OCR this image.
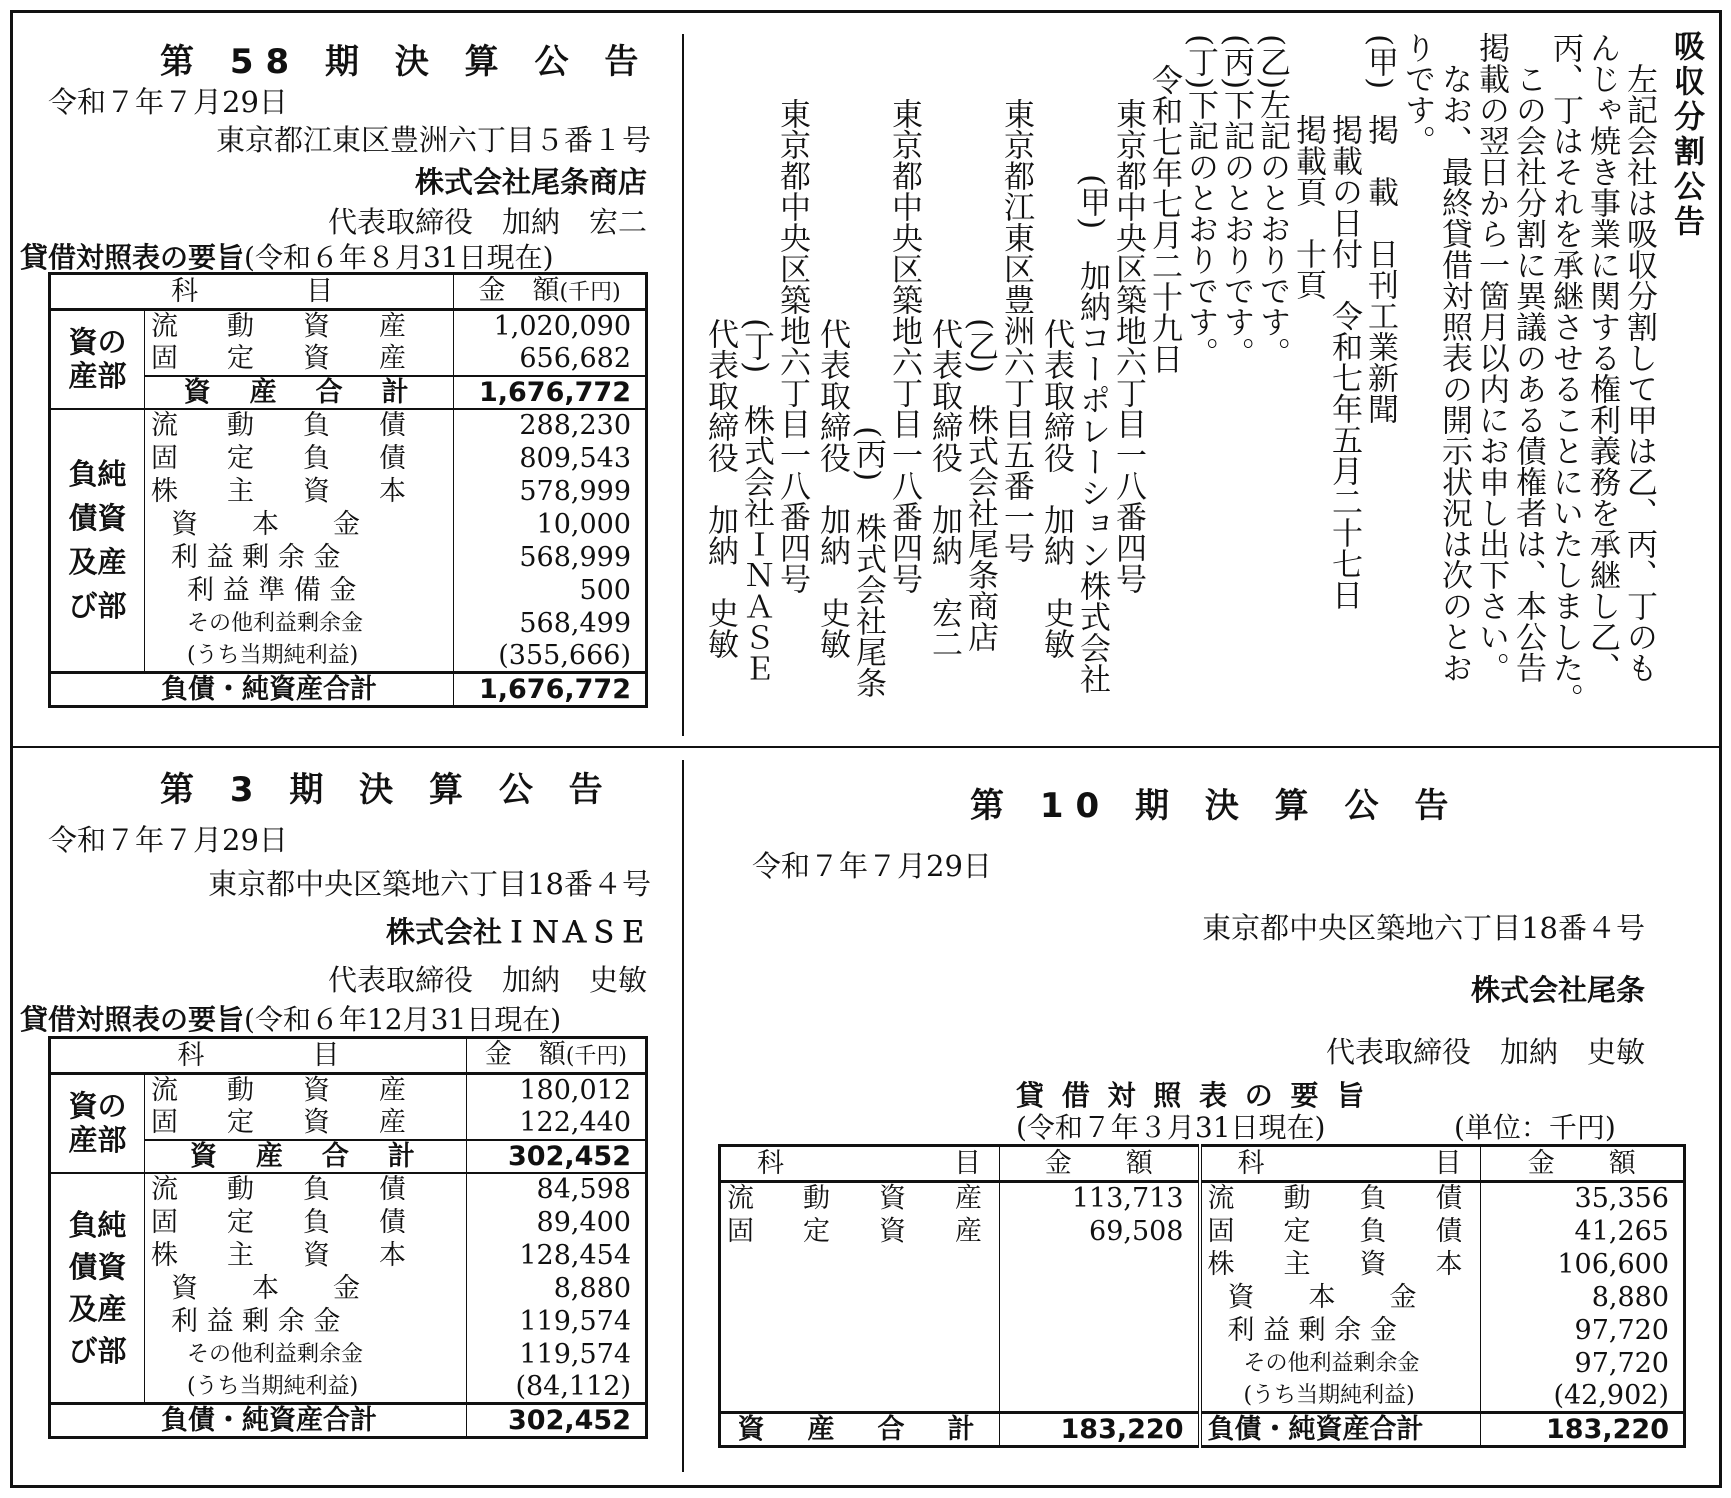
第 58 期 決 算 公 告
令和７年７月29日
東京都江東区豊洲六丁目５番１号
株式会社尾条商店
代表取締役　加納　宏二
貸借対照表の要旨(令和６年８月31日現在)
科　　　　目		金　額(千円)
資の
産部	流　動　資　産	1,020,090
	固　定　資　産	656,682
	資　産　合　計	1,676,772
負純
債資
及産
び部	流　動　負　債	288,230
	固　定　負　債	809,543
	株　主　資　本	578,999
	資　　本　　金	10,000
	利 益 剰 余 金	568,999
	利 益 準 備 金	500
	その他利益剰余金	568,499
	(うち当期純利益)	(355,666)
負債・純資産合計		1,676,772
第 3 期 決 算 公 告
令和７年７月29日
東京都中央区築地六丁目18番４号
株式会社ＩＮＡＳＥ
代表取締役　加納　史敏
貸借対照表の要旨(令和６年12月31日現在)
科　　　　目		金　額(千円)
資の
産部	流　動　資　産	180,012
	固　定　資　産	122,440
	資　産　合　計	302,452
負純
債資
及産
び部	流　動　負　債	84,598
	固　定　負　債	89,400
	株　主　資　本	128,454
	資　　本　　金	8,880
	利 益 剰 余 金	119,574
	その他利益剰余金	119,574
	(うち当期純利益)	(84,112)
負債・純資産合計		302,452
第 10 期 決 算 公 告
令和７年７月29日
東京都中央区築地六丁目18番４号
株式会社尾条
代表取締役　加納　史敏
貸 借 対 照 表 の 要 旨
(令和７年３月31日現在)	(単位：千円)
科　　　　目	金　　額	科　　　　目	金　　額
流　動　資　産	113,713	流　動　負　債	35,356
固　定　資　産	69,508	固　定　負　債	41,265
		株　主　資　本	106,600
		資　　本　　金	8,880
		利 益 剰 余 金	97,720
		その他利益剰余金	97,720
		(うち当期純利益)	(42,902)
資　産　合　計	183,220	負債・純資産合計	183,220
吸収分割公告
　左記会社は吸収分割して甲は乙、丙、丁のも
んじゃ焼き事業に関する権利義務を承継し乙、
丙、丁はそれを承継させることにいたしました。
　この会社分割に異議のある債権者は、本公告
掲載の翌日から一箇月以内にお申し出下さい。
　なお、最終貸借対照表の開示状況は次のとお
りです。
(甲)
掲　載　日刊工業新聞
掲載の日付　令和七年五月二十七日
掲載頁　十頁
(乙)左記のとおりです。
(丙)下記のとおりです。
(丁)下記のとおりです。
令和七年七月二十九日
東京都中央区築地六丁目一八番四号
(甲)　加納コーポレーション株式会社
代表取締役　加納　史敏
東京都江東区豊洲六丁目五番一号
(乙)　株式会社尾条商店
代表取締役　加納　宏二
東京都中央区築地六丁目一八番四号
(丙)　株式会社尾条
代表取締役　加納　史敏
東京都中央区築地六丁目一八番四号
(丁)　株式会社ＩＮＡＳＥ
代表取締役　加納　史敏
